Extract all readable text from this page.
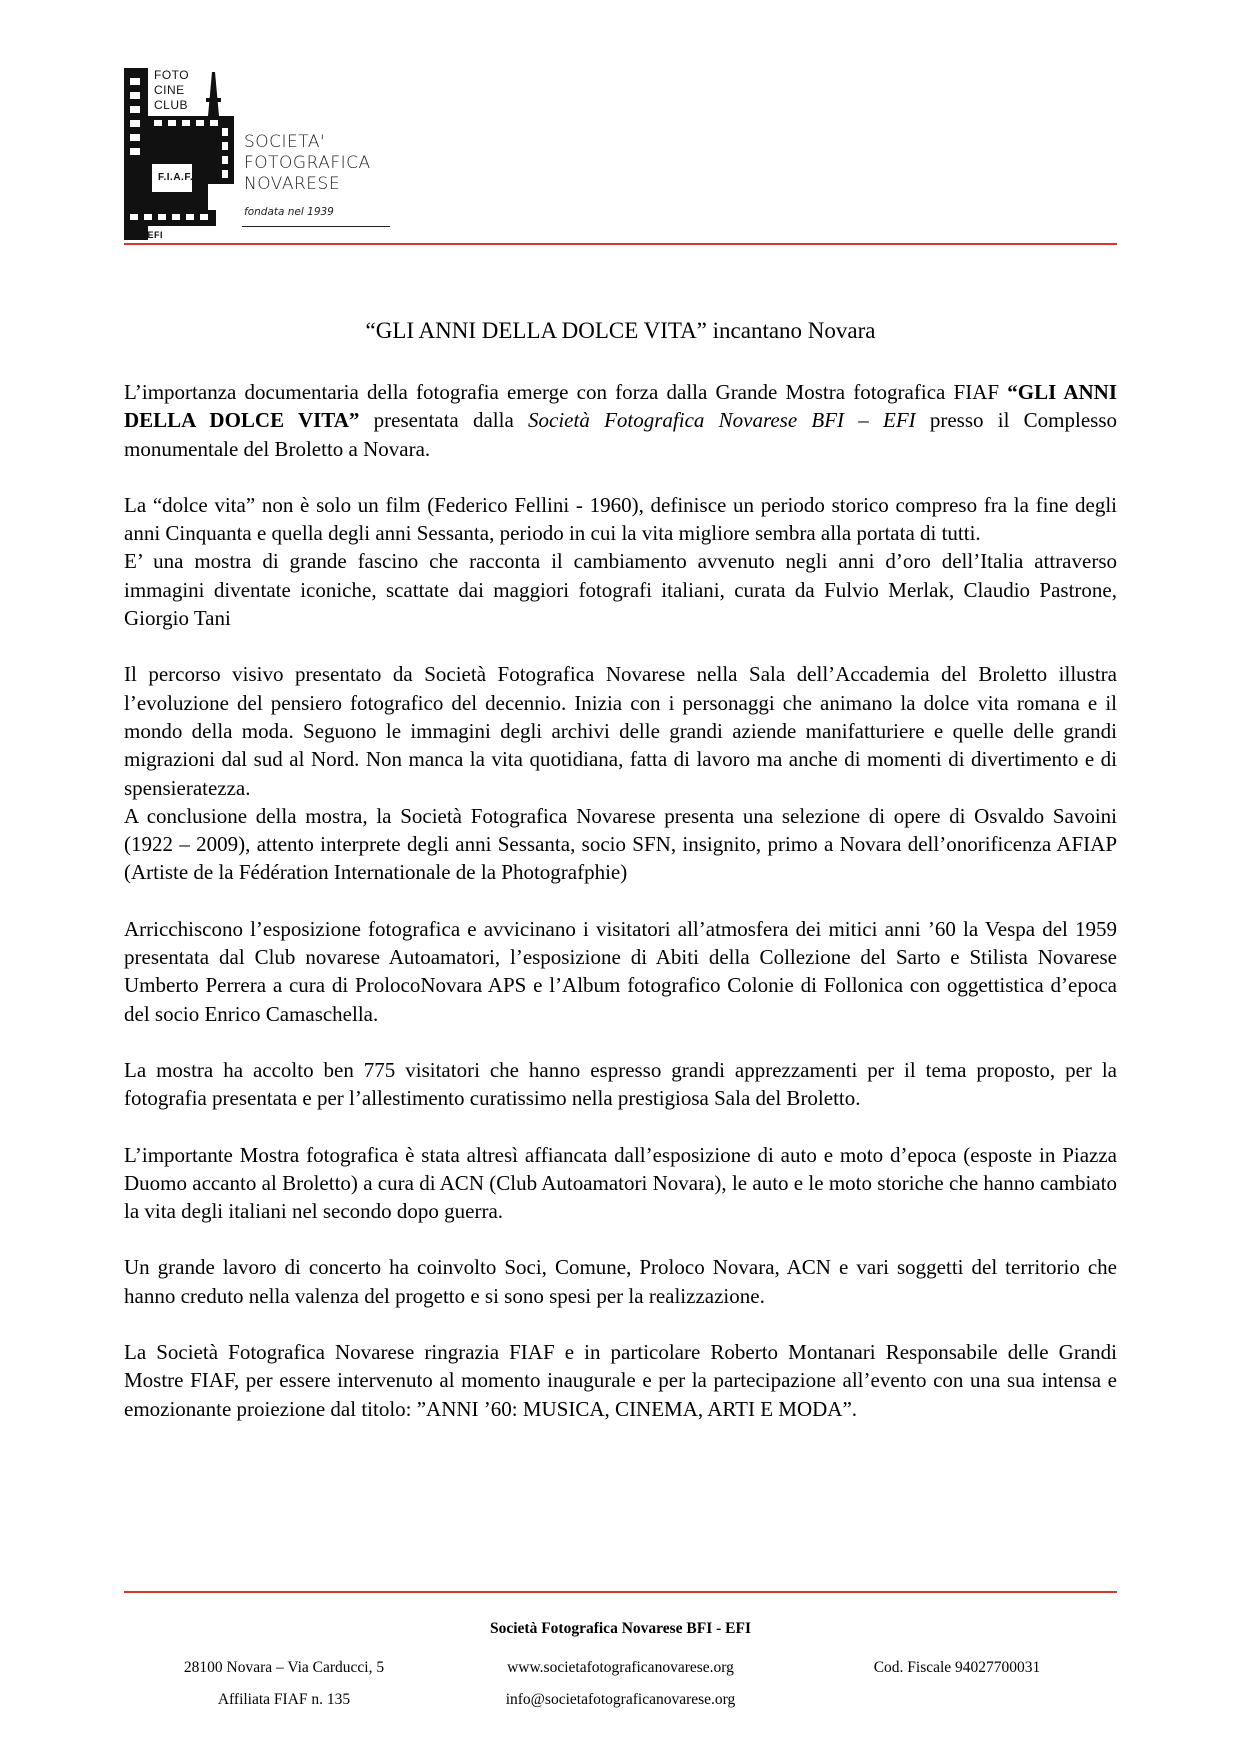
FOTO
CINE
CLUB
F.I.A.F.
BFI-EFI
SOCIETA'
FOTOGRAFICA
NOVARESE
fondata nel 1939
“GLI ANNI DELLA DOLCE VITA” incantano Novara

L’importanza documentaria della fotografia emerge con forza dalla Grande Mostra fotografica FIAF “GLI ANNI DELLA DOLCE VITA” presentata dalla Società Fotografica Novarese BFI – EFI presso il Complesso monumentale del Broletto a Novara.

La “dolce vita” non è solo un film (Federico Fellini - 1960), definisce un periodo storico compreso fra la fine degli anni Cinquanta e quella degli anni Sessanta, periodo in cui la vita migliore sembra alla portata di tutti.

E’ una mostra di grande fascino che racconta il cambiamento avvenuto negli anni d’oro dell’Italia attraverso immagini diventate iconiche, scattate dai maggiori fotografi italiani, curata da Fulvio Merlak, Claudio Pastrone, Giorgio Tani

Il percorso visivo presentato da Società Fotografica Novarese nella Sala dell’Accademia del Broletto illustra l’evoluzione del pensiero fotografico del decennio. Inizia con i personaggi che animano la dolce vita romana e il mondo della moda. Seguono le immagini degli archivi delle grandi aziende manifatturiere e quelle delle grandi migrazioni dal sud al Nord. Non manca la vita quotidiana, fatta di lavoro ma anche di momenti di divertimento e di spensieratezza.

A conclusione della mostra, la Società Fotografica Novarese presenta una selezione di opere di Osvaldo Savoini (1922 – 2009), attento interprete degli anni Sessanta, socio SFN, insignito, primo a Novara dell’onorificenza AFIAP (Artiste de la Fédération Internationale de la Photografphie)

Arricchiscono l’esposizione fotografica e avvicinano i visitatori all’atmosfera dei mitici anni ’60 la Vespa del 1959 presentata dal Club novarese Autoamatori, l’esposizione di Abiti della Collezione del Sarto e Stilista Novarese Umberto Perrera a cura di ProlocoNovara APS e l’Album fotografico Colonie di Follonica con oggettistica d’epoca del socio Enrico Camaschella.

La mostra ha accolto ben 775 visitatori che hanno espresso grandi apprezzamenti per il tema proposto, per la fotografia presentata e per l’allestimento curatissimo nella prestigiosa Sala del Broletto.

L’importante Mostra fotografica è stata altresì affiancata dall’esposizione di auto e moto d’epoca (esposte in Piazza Duomo accanto al Broletto) a cura di ACN (Club Autoamatori Novara), le auto e le moto storiche che hanno cambiato la vita degli italiani nel secondo dopo guerra.

Un grande lavoro di concerto ha coinvolto Soci, Comune, Proloco Novara, ACN e vari soggetti del territorio che hanno creduto nella valenza del progetto e si sono spesi per la realizzazione.

La Società Fotografica Novarese ringrazia FIAF e in particolare Roberto Montanari Responsabile delle Grandi Mostre FIAF, per essere intervenuto al momento inaugurale e per la partecipazione all’evento con una sua intensa e emozionante proiezione dal titolo: ”ANNI ’60: MUSICA, CINEMA, ARTI E MODA”.

Società Fotografica Novarese BFI - EFI
28100 Novara – Via Carducci, 5
Affiliata FIAF n. 135
www.societafotograficanovarese.org
info@societafotograficanovarese.org
Cod. Fiscale 94027700031
